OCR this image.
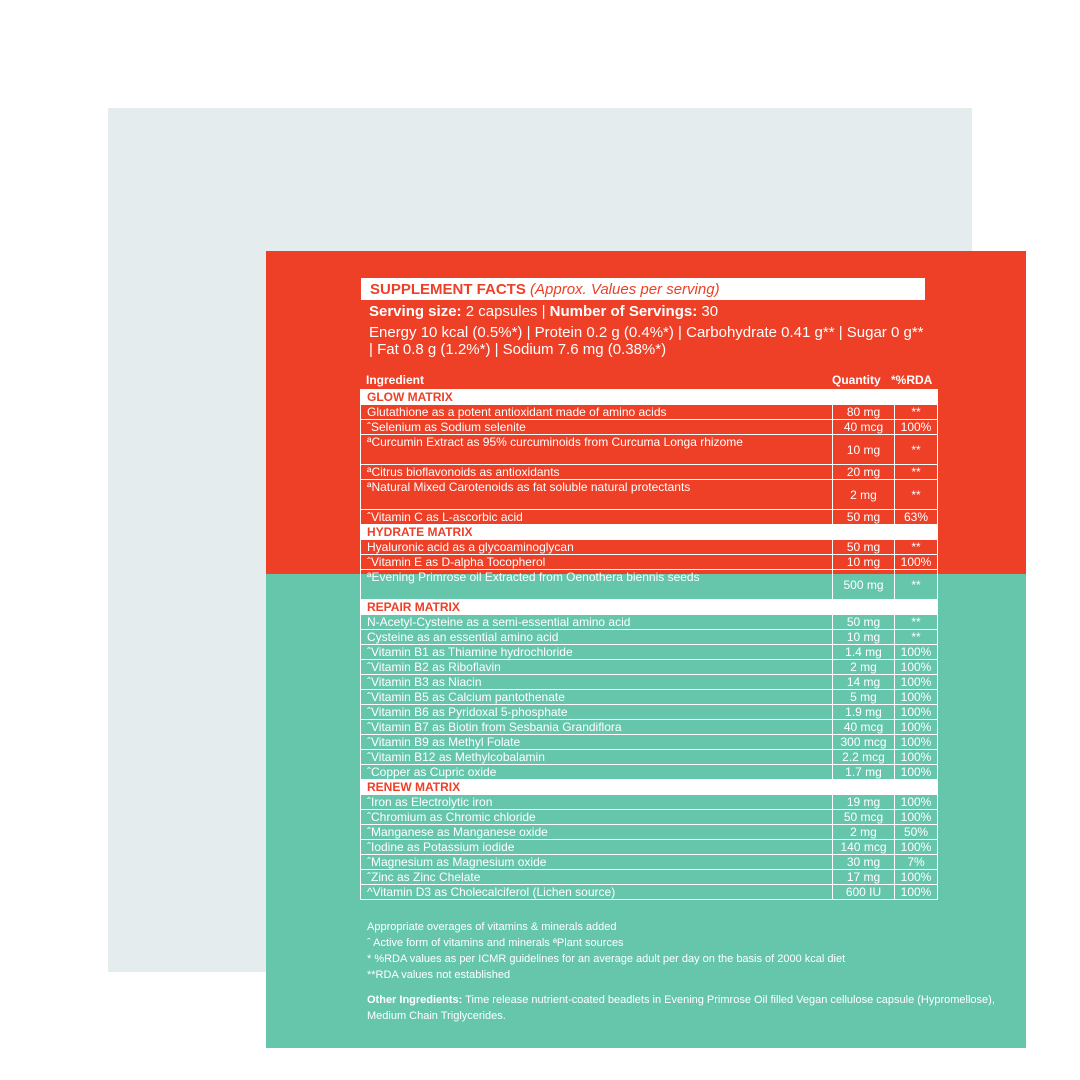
SUPPLEMENT FACTS (Approx. Values per serving)
Serving size: 2 capsules | Number of Servings: 30
Energy 10 kcal (0.5%*) | Protein 0.2 g (0.4%*) | Carbohydrate 0.41 g** | Sugar 0 g** | Fat 0.8 g (1.2%*) | Sodium 7.6 mg (0.38%*)
Ingredient	Quantity *%RDA
GLOW MATRIX		
Glutathione as a potent antioxidant made of amino acids	80 mg	**
ˆSelenium as Sodium selenite	40 mcg	100%
ªCurcumin Extract as 95% curcuminoids from Curcuma Longa rhizome	10 mg	**
ªCitrus bioflavonoids as antioxidants	20 mg	**
ªNatural Mixed Carotenoids as fat soluble natural protectants	2 mg	**
ˆVitamin C as L-ascorbic acid	50 mg	63%
HYDRATE MATRIX		
Hyaluronic acid as a glycoaminoglycan	50 mg	**
ˆVitamin E as D-alpha Tocopherol	10 mg	100%
ªEvening Primrose oil Extracted from Oenothera biennis seeds	500 mg	**
REPAIR MATRIX		
N-Acetyl-Cysteine as a semi-essential amino acid	50 mg	**
Cysteine as an essential amino acid	10 mg	**
ˆVitamin B1 as Thiamine hydrochloride	1.4 mg	100%
ˆVitamin B2 as Riboflavin	2 mg	100%
ˆVitamin B3 as Niacin	14 mg	100%
ˆVitamin B5 as Calcium pantothenate	5 mg	100%
ˆVitamin B6 as Pyridoxal 5-phosphate	1.9 mg	100%
ˆVitamin B7 as Biotin from Sesbania Grandiflora	40 mcg	100%
ˆVitamin B9 as Methyl Folate	300 mcg	100%
ˆVitamin B12 as Methylcobalamin	2.2 mcg	100%
ˆCopper as Cupric oxide	1.7 mg	100%
RENEW MATRIX		
ˆIron as Electrolytic iron	19 mg	100%
ˆChromium as Chromic chloride	50 mcg	100%
ˆManganese as Manganese oxide	2 mg	50%
ˆIodine as Potassium iodide	140 mcg	100%
ˆMagnesium as Magnesium oxide	30 mg	7%
ˆZinc as Zinc Chelate	17 mg	100%
^Vitamin D3 as Cholecalciferol (Lichen source)	600 IU	100%

Appropriate overages of vitamins & minerals added

ˆ Active form of vitamins and minerals ªPlant sources

* %RDA values as per ICMR guidelines for an average adult per day on the basis of 2000 kcal diet

**RDA values not established

Other Ingredients: Time release nutrient-coated beadlets in Evening Primrose Oil filled Vegan cellulose capsule (Hypromellose), Medium Chain Triglycerides.
